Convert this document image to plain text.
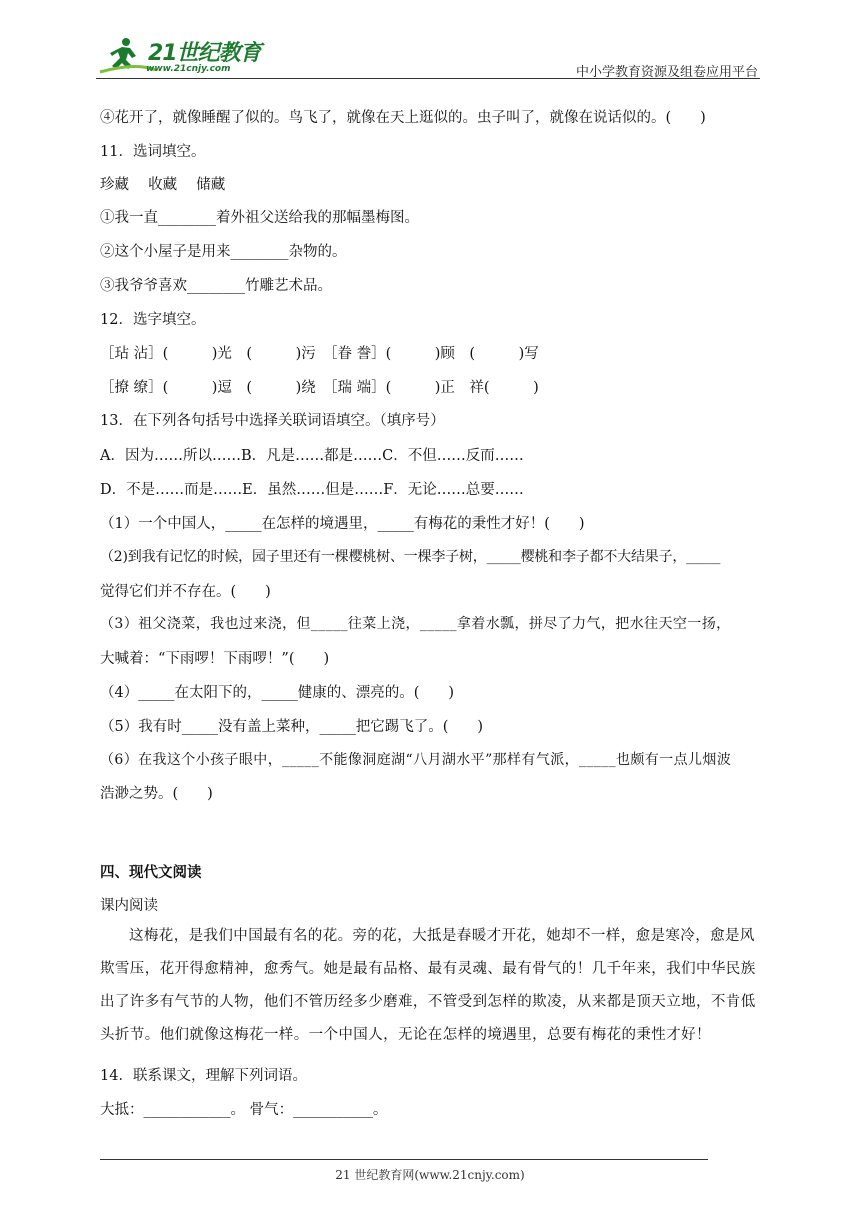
21世纪教育
www.21cnjy.com	中小学教育资源及组卷应用平台
④花开了，就像睡醒了似的。鸟飞了，就像在天上逛似的。虫子叫了，就像在说话似的。(　　)
11．选词填空。
珍藏　 收藏　 储藏
①我一直________着外祖父送给我的那幅墨梅图。
②这个小屋子是用来________杂物的。
③我爷爷喜欢________竹雕艺术品。
12．选字填空。
［玷 沾］(　　　)光　(　　　)污　［眷 誊］(　　　)顾　(　　　)写
［撩 缭］(　　　)逗　(　　　)绕　［瑞 端］(　　　)正　祥(　　　)
13．在下列各句括号中选择关联词语填空。（填序号）
A．因为……所以……B．凡是……都是……C．不但……反而……
D．不是……而是……E．虽然……但是……F．无论……总要……
（1）一个中国人，_____在怎样的境遇里，_____有梅花的秉性才好！(　　)
（2)到我有记忆的时候，园子里还有一棵樱桃树、一棵李子树，_____樱桃和李子都不大结果子，_____
觉得它们并不存在。(　　)
（3）祖父浇菜，我也过来浇，但_____往菜上浇，_____拿着水瓢，拼尽了力气，把水往天空一扬，
大喊着：“下雨啰！下雨啰！”(　　)
（4）_____在太阳下的，_____健康的、漂亮的。(　　)
（5）我有时_____没有盖上菜种，_____把它踢飞了。(　　)
（6）在我这个小孩子眼中，_____不能像洞庭湖“八月湖水平”那样有气派，_____也颇有一点儿烟波
浩渺之势。(　　)
四、现代文阅读
课内阅读
这梅花，是我们中国最有名的花。旁的花，大抵是春暖才开花，她却不一样，愈是寒冷，愈是风欺雪压，花开得愈精神，愈秀气。她是最有品格、最有灵魂、最有骨气的！几千年来，我们中华民族出了许多有气节的人物，他们不管历经多少磨难，不管受到怎样的欺凌，从来都是顶天立地，不肯低头折节。他们就像这梅花一样。一个中国人，无论在怎样的境遇里，总要有梅花的秉性才好！
14．联系课文，理解下列词语。
大抵：____________。 骨气：___________。
21 世纪教育网(www.21cnjy.com)
